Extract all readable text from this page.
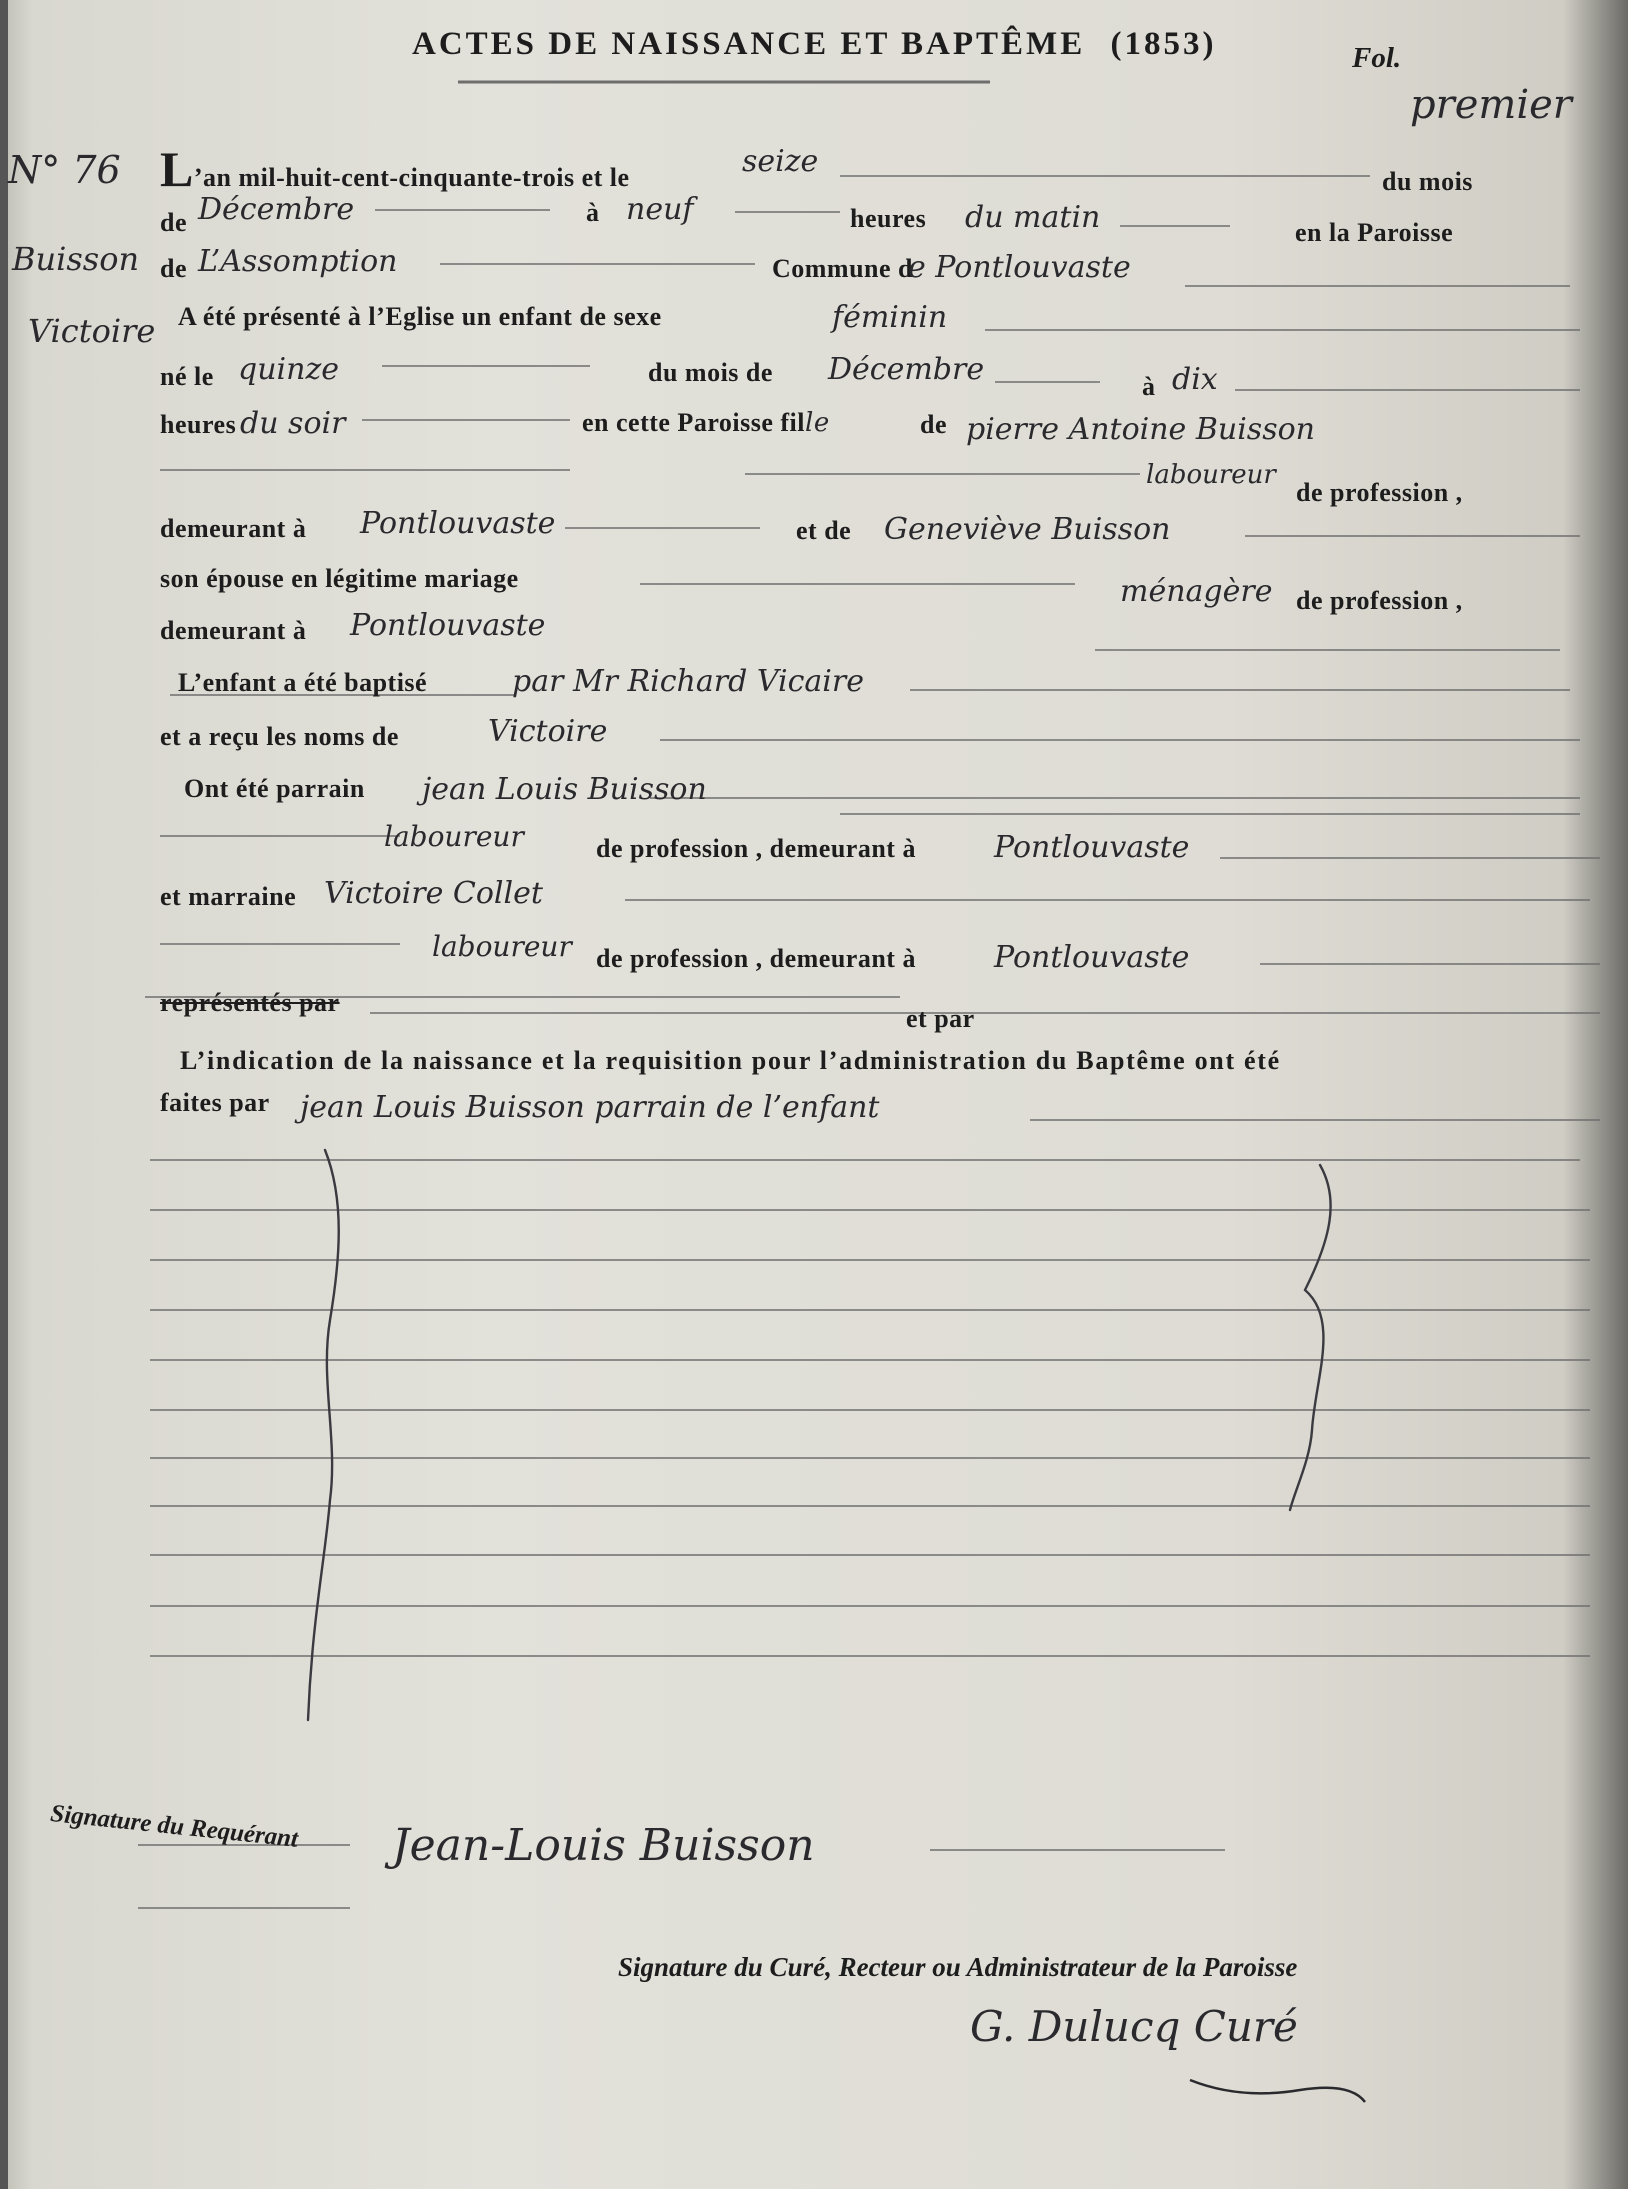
ACTES DE NAISSANCE ET BAPTÊME (1853)	Fol.
premier
N° 76
Buisson
Victoire
L’an mil-huit-cent-cinquante-trois et le	seize
du mois
de Décembre	à neuf	heures du matin	en la Paroisse
de L’Assomption	Commune d
e Pontlouvaste
A été présenté à l’Eglise un enfant de sexe	féminin
né le quinze	du mois de Décembre	à dix
heures du soir	en cette Paroisse fille	de pierre Antoine Buisson
laboureur
de profession ,
demeurant à Pontlouvaste	et de Geneviève Buisson
son épouse en légitime mariage	ménagère de profession ,
demeurant à Pontlouvaste
L’enfant a été baptisé	par Mr Richard Vicaire
et a reçu les noms de	Victoire
Ont été parrain jean Louis Buisson
laboureur	de profession , demeurant à	Pontlouvaste
et marraine Victoire Collet
laboureur de profession , demeurant à	Pontlouvaste
représentés par
et par
L’indication de la naissance et la requisition pour l’administration du Baptême ont été
faites par jean Louis Buisson parrain de l’enfant
Signature du Requérant Jean-Louis Buisson
Signature du Curé, Recteur ou Administrateur de la Paroisse
G. Dulucq Curé
